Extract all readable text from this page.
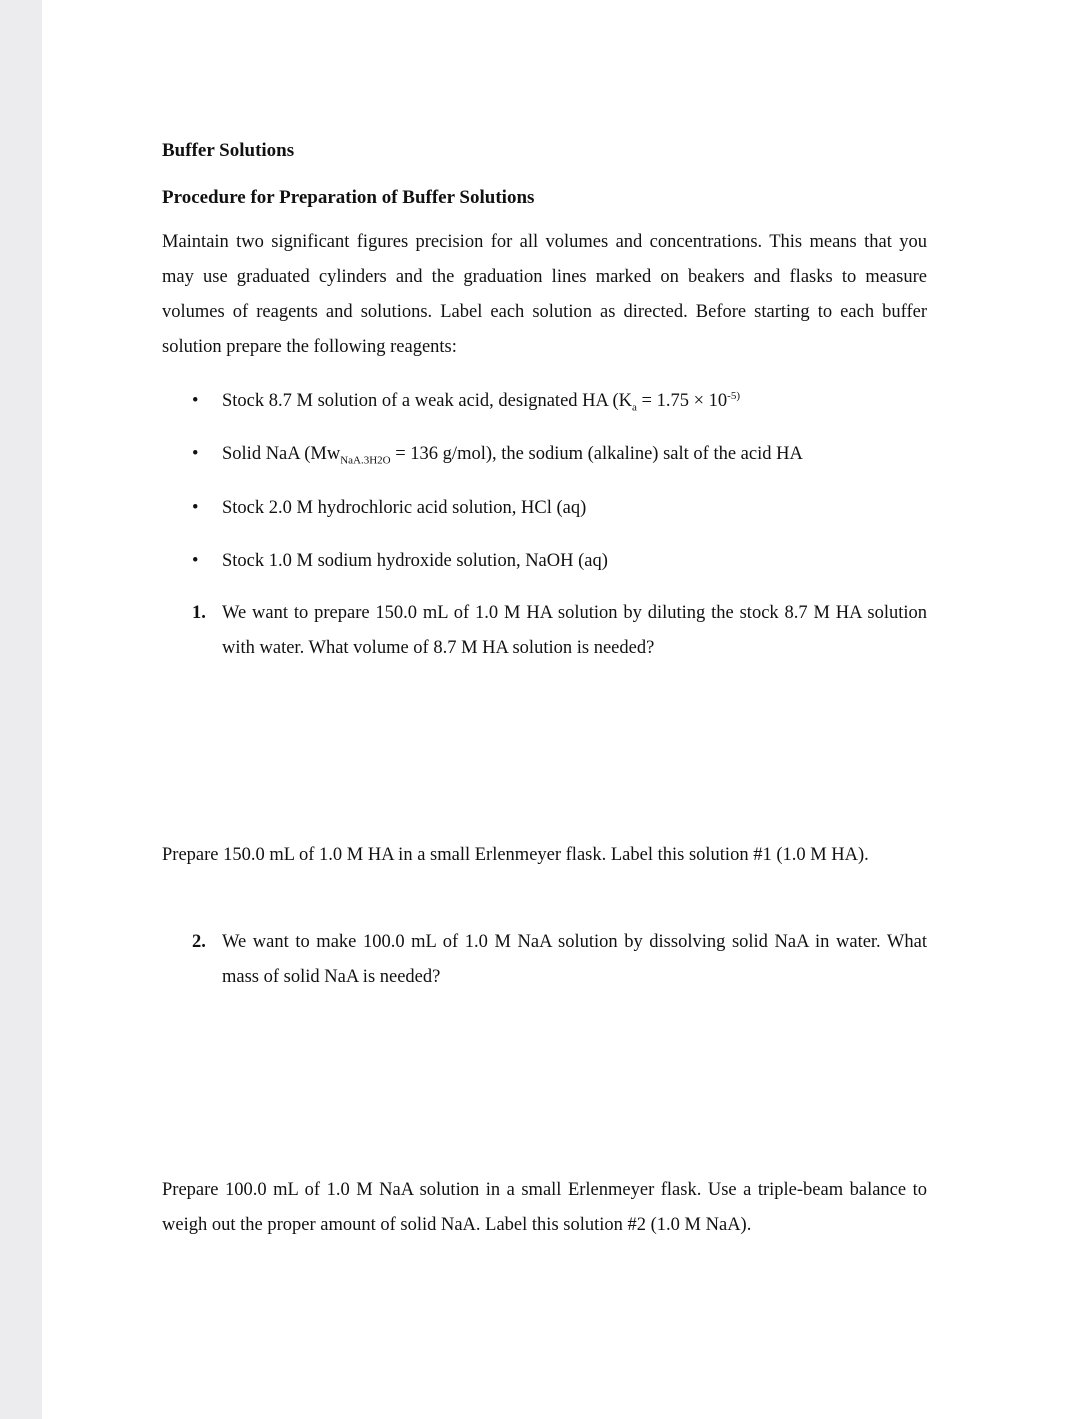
Buffer Solutions
Procedure for Preparation of Buffer Solutions
Maintain two significant figures precision for all volumes and concentrations. This means that you may use graduated cylinders and the graduation lines marked on beakers and flasks to measure volumes of reagents and solutions. Label each solution as directed. Before starting to each buffer solution prepare the following reagents:
•	Stock 8.7 M solution of a weak acid, designated HA ($K_a = 1.75 \times 10^{-5)}$
•	Solid NaA ($Mw_{NaA.3H2O} = 136$ g/mol), the sodium (alkaline) salt of the acid HA
•	Stock 2.0 M hydrochloric acid solution, HCl (aq)
•	Stock 1.0 M sodium hydroxide solution, NaOH (aq)
1. We want to prepare 150.0 mL of 1.0 M HA solution by diluting the stock 8.7 M HA solution with water. What volume of 8.7 M HA solution is needed?
Prepare 150.0 mL of 1.0 M HA in a small Erlenmeyer flask. Label this solution #1 (1.0 M HA).
2. We want to make 100.0 mL of 1.0 M NaA solution by dissolving solid NaA in water. What mass of solid NaA is needed?
Prepare 100.0 mL of 1.0 M NaA solution in a small Erlenmeyer flask. Use a triple-beam balance to weigh out the proper amount of solid NaA. Label this solution #2 (1.0 M NaA).
